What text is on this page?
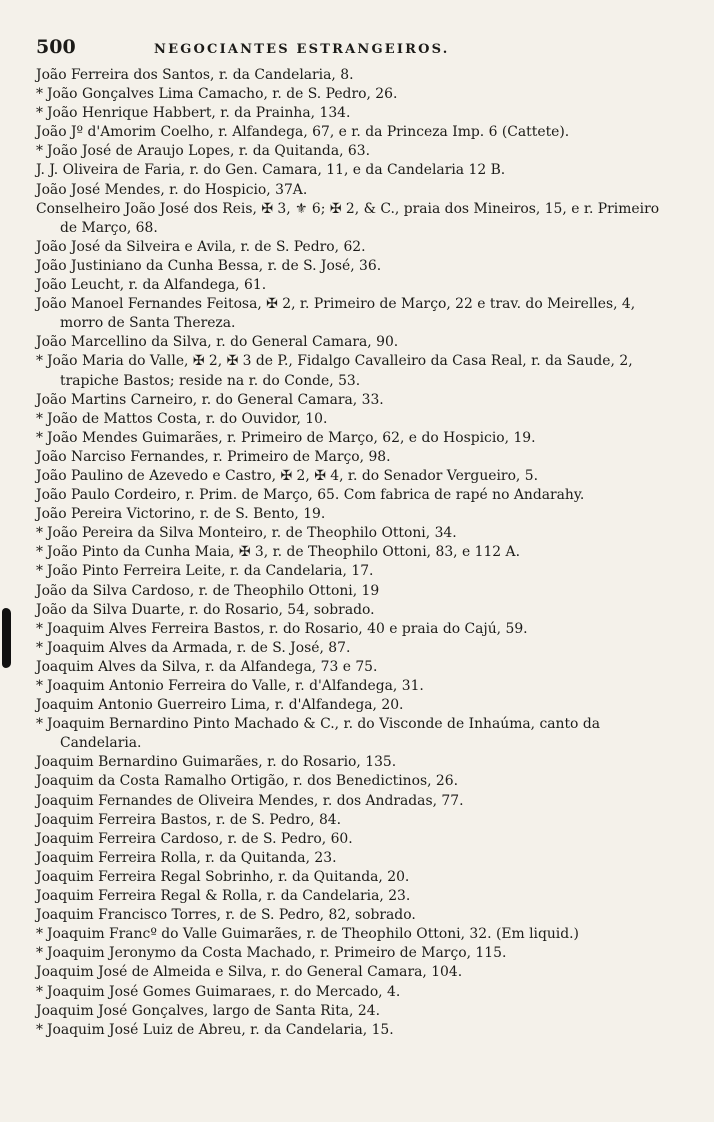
500	NEGOCIANTES ESTRANGEIROS.
João Ferreira dos Santos, r. da Candelaria, 8.
* João Gonçalves Lima Camacho, r. de S. Pedro, 26.
* João Henrique Habbert, r. da Prainha, 134.
João Jº d'Amorim Coelho, r. Alfandega, 67, e r. da Princeza Imp. 6 (Cattete).
* João José de Araujo Lopes, r. da Quitanda, 63.
J. J. Oliveira de Faria, r. do Gen. Camara, 11, e da Candelaria 12 B.
João José Mendes, r. do Hospicio, 37A.
Conselheiro João José dos Reis, ✠ 3, ⚜ 6; ✠ 2, & C., praia dos Mineiros, 15, e r. Primeiro de Março, 68.
João José da Silveira e Avila, r. de S. Pedro, 62.
João Justiniano da Cunha Bessa, r. de S. José, 36.
João Leucht, r. da Alfandega, 61.
João Manoel Fernandes Feitosa, ✠ 2, r. Primeiro de Março, 22 e trav. do Meirelles, 4, morro de Santa Thereza.
João Marcellino da Silva, r. do General Camara, 90.
* João Maria do Valle, ✠ 2, ✠ 3 de P., Fidalgo Cavalleiro da Casa Real, r. da Saude, 2, trapiche Bastos; reside na r. do Conde, 53.
João Martins Carneiro, r. do General Camara, 33.
* João de Mattos Costa, r. do Ouvidor, 10.
* João Mendes Guimarães, r. Primeiro de Março, 62, e do Hospicio, 19.
João Narciso Fernandes, r. Primeiro de Março, 98.
João Paulino de Azevedo e Castro, ✠ 2, ✠ 4, r. do Senador Vergueiro, 5.
João Paulo Cordeiro, r. Prim. de Março, 65. Com fabrica de rapé no Andarahy.
João Pereira Victorino, r. de S. Bento, 19.
* João Pereira da Silva Monteiro, r. de Theophilo Ottoni, 34.
* João Pinto da Cunha Maia, ✠ 3, r. de Theophilo Ottoni, 83, e 112 A.
* João Pinto Ferreira Leite, r. da Candelaria, 17.
João da Silva Cardoso, r. de Theophilo Ottoni, 19
João da Silva Duarte, r. do Rosario, 54, sobrado.
* Joaquim Alves Ferreira Bastos, r. do Rosario, 40 e praia do Cajú, 59.
* Joaquim Alves da Armada, r. de S. José, 87.
Joaquim Alves da Silva, r. da Alfandega, 73 e 75.
* Joaquim Antonio Ferreira do Valle, r. d'Alfandega, 31.
Joaquim Antonio Guerreiro Lima, r. d'Alfandega, 20.
* Joaquim Bernardino Pinto Machado & C., r. do Visconde de Inhaúma, canto da Candelaria.
Joaquim Bernardino Guimarães, r. do Rosario, 135.
Joaquim da Costa Ramalho Ortigão, r. dos Benedictinos, 26.
Joaquim Fernandes de Oliveira Mendes, r. dos Andradas, 77.
Joaquim Ferreira Bastos, r. de S. Pedro, 84.
Joaquim Ferreira Cardoso, r. de S. Pedro, 60.
Joaquim Ferreira Rolla, r. da Quitanda, 23.
Joaquim Ferreira Regal Sobrinho, r. da Quitanda, 20.
Joaquim Ferreira Regal & Rolla, r. da Candelaria, 23.
Joaquim Francisco Torres, r. de S. Pedro, 82, sobrado.
* Joaquim Francº do Valle Guimarães, r. de Theophilo Ottoni, 32. (Em liquid.)
* Joaquim Jeronymo da Costa Machado, r. Primeiro de Março, 115.
Joaquim José de Almeida e Silva, r. do General Camara, 104.
* Joaquim José Gomes Guimaraes, r. do Mercado, 4.
Joaquim José Gonçalves, largo de Santa Rita, 24.
* Joaquim José Luiz de Abreu, r. da Candelaria, 15.
